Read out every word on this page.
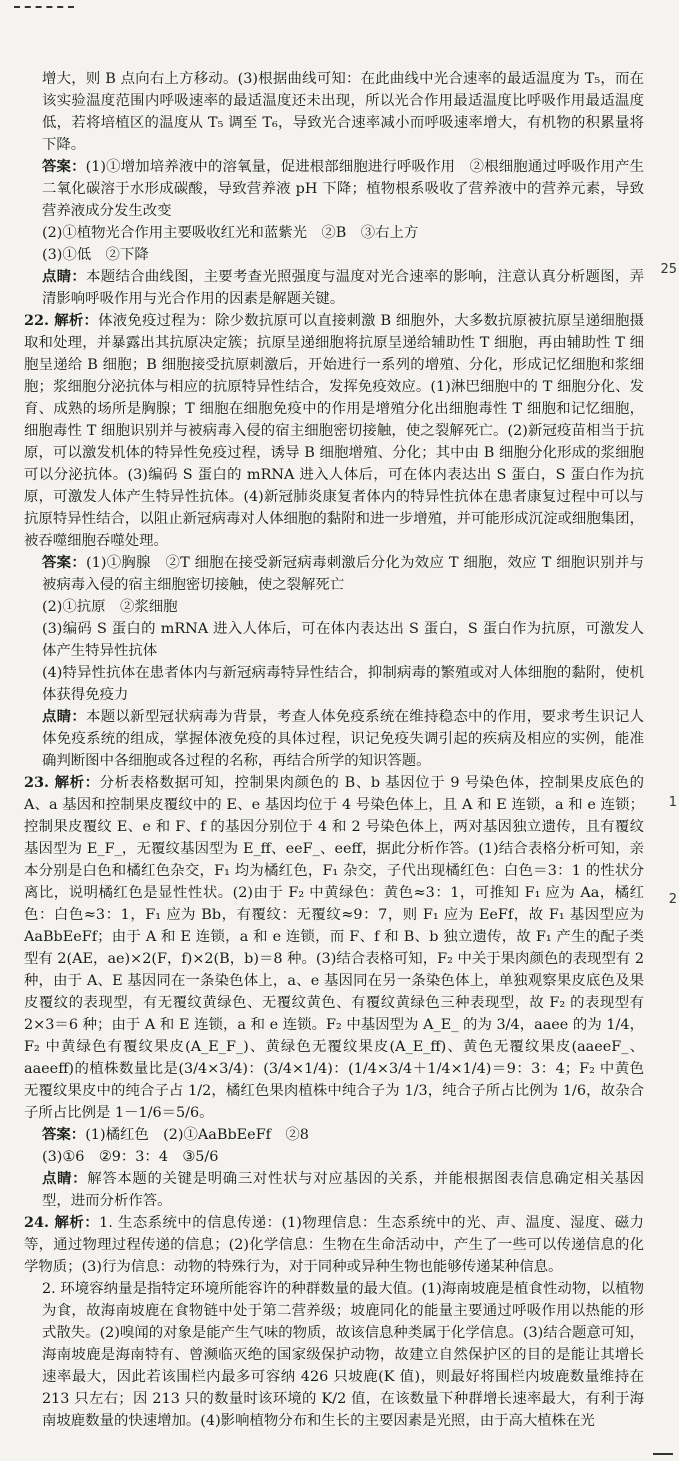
25
1
2

增大，则 B 点向右上方移动。(3)根据曲线可知：在此曲线中光合速率的最适温度为 T₅，而在该实验温度范围内呼吸速率的最适温度还未出现，所以光合作用最适温度比呼吸作用最适温度低，若将培植区的温度从 T₅ 调至 T₆，导致光合速率减小而呼吸速率增大，有机物的积累量将下降。

答案：(1)①增加培养液中的溶氧量，促进根部细胞进行呼吸作用　②根细胞通过呼吸作用产生二氧化碳溶于水形成碳酸，导致营养液 pH 下降；植物根系吸收了营养液中的营养元素，导致营养液成分发生改变

(2)①植物光合作用主要吸收红光和蓝紫光　②B　③右上方

(3)①低　②下降

点睛：本题结合曲线图，主要考查光照强度与温度对光合速率的影响，注意认真分析题图，弄清影响呼吸作用与光合作用的因素是解题关键。

22. 解析：体液免疫过程为：除少数抗原可以直接刺激 B 细胞外，大多数抗原被抗原呈递细胞摄取和处理，并暴露出其抗原决定簇；抗原呈递细胞将抗原呈递给辅助性 T 细胞，再由辅助性 T 细胞呈递给 B 细胞；B 细胞接受抗原刺激后，开始进行一系列的增殖、分化，形成记忆细胞和浆细胞；浆细胞分泌抗体与相应的抗原特异性结合，发挥免疫效应。(1)淋巴细胞中的 T 细胞分化、发育、成熟的场所是胸腺；T 细胞在细胞免疫中的作用是增殖分化出细胞毒性 T 细胞和记忆细胞，细胞毒性 T 细胞识别并与被病毒入侵的宿主细胞密切接触，使之裂解死亡。(2)新冠疫苗相当于抗原，可以激发机体的特异性免疫过程，诱导 B 细胞增殖、分化；其中由 B 细胞分化形成的浆细胞可以分泌抗体。(3)编码 S 蛋白的 mRNA 进入人体后，可在体内表达出 S 蛋白，S 蛋白作为抗原，可激发人体产生特异性抗体。(4)新冠肺炎康复者体内的特异性抗体在患者康复过程中可以与抗原特异性结合，以阻止新冠病毒对人体细胞的黏附和进一步增殖，并可能形成沉淀或细胞集团，被吞噬细胞吞噬处理。

答案：(1)①胸腺　②T 细胞在接受新冠病毒刺激后分化为效应 T 细胞，效应 T 细胞识别并与被病毒入侵的宿主细胞密切接触，使之裂解死亡

(2)①抗原　②浆细胞

(3)编码 S 蛋白的 mRNA 进入人体后，可在体内表达出 S 蛋白，S 蛋白作为抗原，可激发人体产生特异性抗体

(4)特异性抗体在患者体内与新冠病毒特异性结合，抑制病毒的繁殖或对人体细胞的黏附，使机体获得免疫力

点睛：本题以新型冠状病毒为背景，考查人体免疫系统在维持稳态中的作用，要求考生识记人体免疫系统的组成，掌握体液免疫的具体过程，识记免疫失调引起的疾病及相应的实例，能准确判断图中各细胞或各过程的名称，再结合所学的知识答题。

23. 解析：分析表格数据可知，控制果肉颜色的 B、b 基因位于 9 号染色体，控制果皮底色的 A、a 基因和控制果皮覆纹中的 E、e 基因均位于 4 号染色体上，且 A 和 E 连锁，a 和 e 连锁；控制果皮覆纹 E、e 和 F、f 的基因分别位于 4 和 2 号染色体上，两对基因独立遗传，且有覆纹基因型为 E_F_，无覆纹基因型为 E_ff、eeF_、eeff，据此分析作答。(1)结合表格分析可知，亲本分别是白色和橘红色杂交，F₁ 均为橘红色，F₁ 杂交，子代出现橘红色：白色＝3：1 的性状分离比，说明橘红色是显性性状。(2)由于 F₂ 中黄绿色：黄色≈3：1，可推知 F₁ 应为 Aa，橘红色：白色≈3：1，F₁ 应为 Bb，有覆纹：无覆纹≈9：7，则 F₁ 应为 EeFf，故 F₁ 基因型应为 AaBbEeFf；由于 A 和 E 连锁，a 和 e 连锁，而 F、f 和 B、b 独立遗传，故 F₁ 产生的配子类型有 2(AE，ae)×2(F，f)×2(B，b)＝8 种。(3)结合表格可知，F₂ 中关于果肉颜色的表现型有 2 种，由于 A、E 基因同在一条染色体上，a、e 基因同在另一条染色体上，单独观察果皮底色及果皮覆纹的表现型，有无覆纹黄绿色、无覆纹黄色、有覆纹黄绿色三种表现型，故 F₂ 的表现型有 2×3＝6 种；由于 A 和 E 连锁，a 和 e 连锁。F₂ 中基因型为 A_E_ 的为 3/4，aaee 的为 1/4，F₂ 中黄绿色有覆纹果皮(A_E_F_)、黄绿色无覆纹果皮(A_E_ff)、黄色无覆纹果皮(aaeeF_、aaeeff)的植株数量比是(3/4×3/4)：(3/4×1/4)：(1/4×3/4＋1/4×1/4)＝9：3：4；F₂ 中黄色无覆纹果皮中的纯合子占 1/2，橘红色果肉植株中纯合子为 1/3，纯合子所占比例为 1/6，故杂合子所占比例是 1－1/6＝5/6。

答案：(1)橘红色　(2)①AaBbEeFf　②8

(3)①6　②9：3：4　③5/6

点睛：解答本题的关键是明确三对性状与对应基因的关系，并能根据图表信息确定相关基因型，进而分析作答。

24. 解析：1. 生态系统中的信息传递：(1)物理信息：生态系统中的光、声、温度、湿度、磁力等，通过物理过程传递的信息；(2)化学信息：生物在生命活动中，产生了一些可以传递信息的化学物质；(3)行为信息：动物的特殊行为，对于同种或异种生物也能够传递某种信息。

2. 环境容纳量是指特定环境所能容许的种群数量的最大值。(1)海南坡鹿是植食性动物，以植物为食，故海南坡鹿在食物链中处于第二营养级；坡鹿同化的能量主要通过呼吸作用以热能的形式散失。(2)嗅闻的对象是能产生气味的物质，故该信息种类属于化学信息。(3)结合题意可知，海南坡鹿是海南特有、曾濒临灭绝的国家级保护动物，故建立自然保护区的目的是能让其增长速率最大，因此若该围栏内最多可容纳 426 只坡鹿(K 值)，则最好将围栏内坡鹿数量维持在 213 只左右；因 213 只的数量时该环境的 K/2 值，在该数量下种群增长速率最大，有利于海南坡鹿数量的快速增加。(4)影响植物分布和生长的主要因素是光照，由于高大植株在光
